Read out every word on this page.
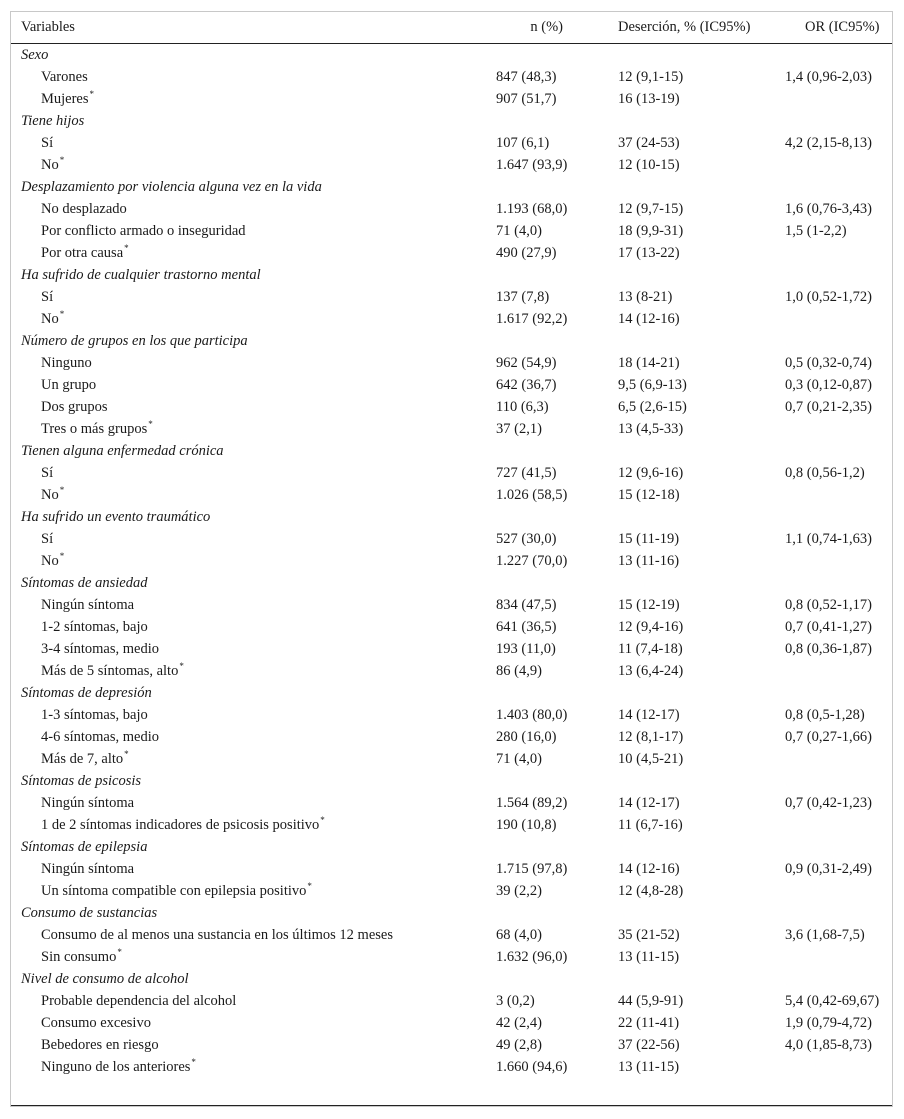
Variables	n (%)	Deserción, % (IC95%)	OR (IC95%)
Sexo			
Varones	847 (48,3)	12 (9,1-15)	1,4 (0,96-2,03)
Mujeres*	907 (51,7)	16 (13-19)	
Tiene hijos			
Sí	107 (6,1)	37 (24-53)	4,2 (2,15-8,13)
No*	1.647 (93,9)	12 (10-15)	
Desplazamiento por violencia alguna vez en la vida			
No desplazado	1.193 (68,0)	12 (9,7-15)	1,6 (0,76-3,43)
Por conflicto armado o inseguridad	71 (4,0)	18 (9,9-31)	1,5 (1-2,2)
Por otra causa*	490 (27,9)	17 (13-22)	
Ha sufrido de cualquier trastorno mental			
Sí	137 (7,8)	13 (8-21)	1,0 (0,52-1,72)
No*	1.617 (92,2)	14 (12-16)	
Número de grupos en los que participa			
Ninguno	962 (54,9)	18 (14-21)	0,5 (0,32-0,74)
Un grupo	642 (36,7)	9,5 (6,9-13)	0,3 (0,12-0,87)
Dos grupos	110 (6,3)	6,5 (2,6-15)	0,7 (0,21-2,35)
Tres o más grupos*	37 (2,1)	13 (4,5-33)	
Tienen alguna enfermedad crónica			
Sí	727 (41,5)	12 (9,6-16)	0,8 (0,56-1,2)
No*	1.026 (58,5)	15 (12-18)	
Ha sufrido un evento traumático			
Sí	527 (30,0)	15 (11-19)	1,1 (0,74-1,63)
No*	1.227 (70,0)	13 (11-16)	
Síntomas de ansiedad			
Ningún síntoma	834 (47,5)	15 (12-19)	0,8 (0,52-1,17)
1-2 síntomas, bajo	641 (36,5)	12 (9,4-16)	0,7 (0,41-1,27)
3-4 síntomas, medio	193 (11,0)	11 (7,4-18)	0,8 (0,36-1,87)
Más de 5 síntomas, alto*	86 (4,9)	13 (6,4-24)	
Síntomas de depresión			
1-3 síntomas, bajo	1.403 (80,0)	14 (12-17)	0,8 (0,5-1,28)
4-6 síntomas, medio	280 (16,0)	12 (8,1-17)	0,7 (0,27-1,66)
Más de 7, alto*	71 (4,0)	10 (4,5-21)	
Síntomas de psicosis			
Ningún síntoma	1.564 (89,2)	14 (12-17)	0,7 (0,42-1,23)
1 de 2 síntomas indicadores de psicosis positivo*	190 (10,8)	11 (6,7-16)	
Síntomas de epilepsia			
Ningún síntoma	1.715 (97,8)	14 (12-16)	0,9 (0,31-2,49)
Un síntoma compatible con epilepsia positivo*	39 (2,2)	12 (4,8-28)	
Consumo de sustancias			
Consumo de al menos una sustancia en los últimos 12 meses	68 (4,0)	35 (21-52)	3,6 (1,68-7,5)
Sin consumo*	1.632 (96,0)	13 (11-15)	
Nivel de consumo de alcohol			
Probable dependencia del alcohol	3 (0,2)	44 (5,9-91)	5,4 (0,42-69,67)
Consumo excesivo	42 (2,4)	22 (11-41)	1,9 (0,79-4,72)
Bebedores en riesgo	49 (2,8)	37 (22-56)	4,0 (1,85-8,73)
Ninguno de los anteriores*	1.660 (94,6)	13 (11-15)	
